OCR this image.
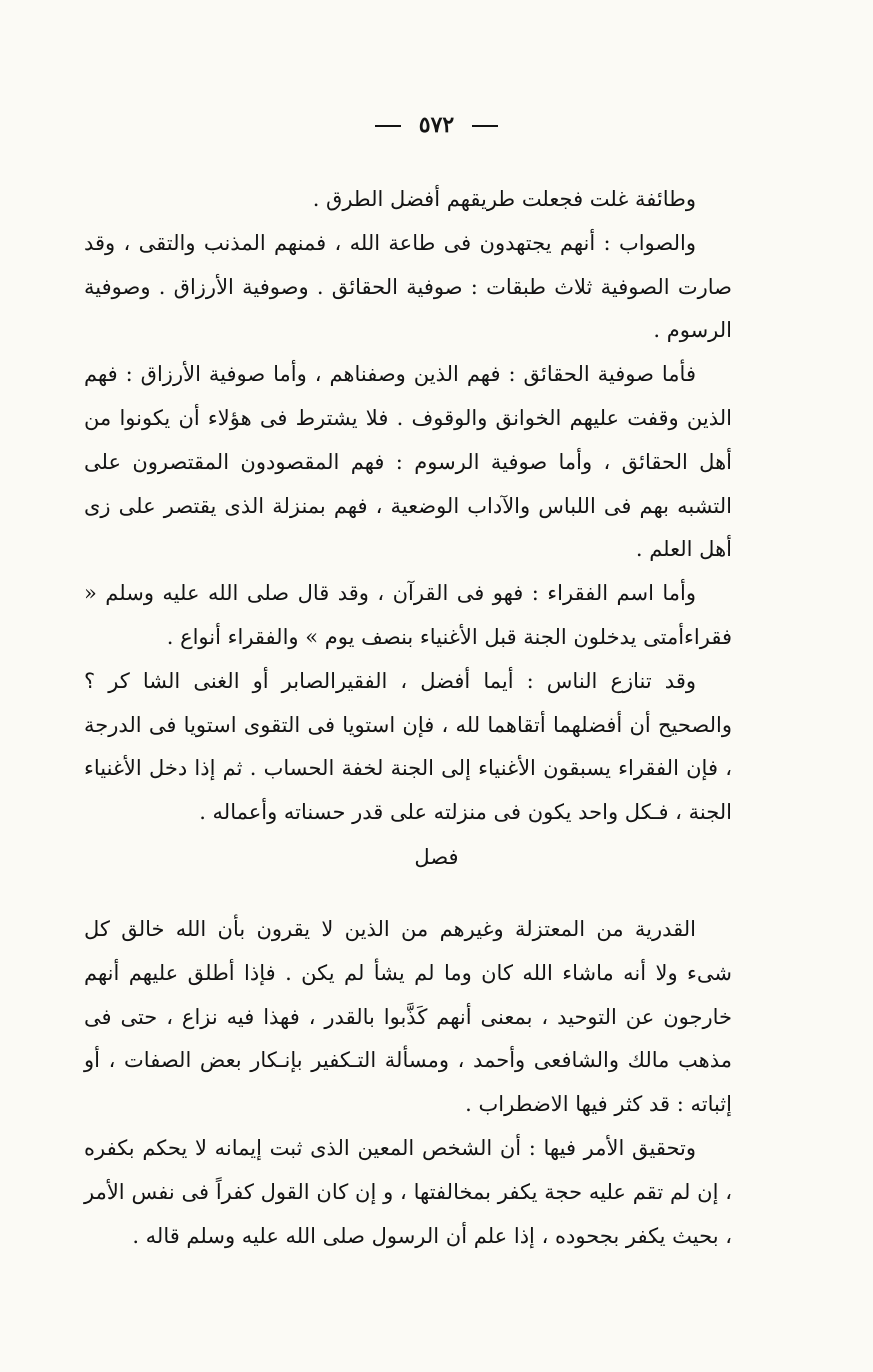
٥٧٢

وطائفة غلت فجعلت طريقهم أفضل الطرق .

والصواب : أنهم يجتهدون فى طاعة الله ، فمنهم المذنب والتقى ، وقد صارت الصوفية ثلاث طبقات : صوفية الحقائق . وصوفية الأرزاق . وصوفية الرسوم .

فأما صوفية الحقائق : فهم الذين وصفناهم ، وأما صوفية الأرزاق : فهم الذين وقفت عليهم الخوانق والوقوف . فلا يشترط فى هؤلاء أن يكونوا من أهل الحقائق ، وأما صوفية الرسوم : فهم المقصودون المقتصرون على التشبه بهم فى اللباس والآداب الوضعية ، فهم بمنزلة الذى يقتصر على زى أهل العلم .

وأما اسم الفقراء : فهو فى القرآن ، وقد قال صلى الله عليه وسلم « فقراءأمتى يدخلون الجنة قبل الأغنياء بنصف يوم » والفقراء أنواع .

وقد تنازع الناس : أيما أفضل ، الفقيرالصابر أو الغنى الشا كر ؟ والصحيح أن أفضلهما أتقاهما لله ، فإن استويا فى التقوى استويا فى الدرجة ، فإن الفقراء يسبقون الأغنياء إلى الجنة لخفة الحساب . ثم إذا دخل الأغنياء الجنة ، فـكل واحد يكون فى منزلته على قدر حسناته وأعماله .

فصل

القدرية من المعتزلة وغيرهم من الذين لا يقرون بأن الله خالق كل شىء ولا أنه ماشاء الله كان وما لم يشأ لم يكن . فإذا أطلق عليهم أنهم خارجون عن التوحيد ، بمعنى أنهم كَذَّبوا بالقدر ، فهذا فيه نزاع ، حتى فى مذهب مالك والشافعى وأحمد ، ومسألة التـكفير بإنـكار بعض الصفات ، أو إثباته : قد كثر فيها الاضطراب .

وتحقيق الأمر فيها : أن الشخص المعين الذى ثبت إيمانه لا يحكم بكفره ، إن لم تقم عليه حجة يكفر بمخالفتها ، و إن كان القول كفراً فى نفس الأمر ، بحيث يكفر بجحوده ، إذا علم أن الرسول صلى الله عليه وسلم قاله .
